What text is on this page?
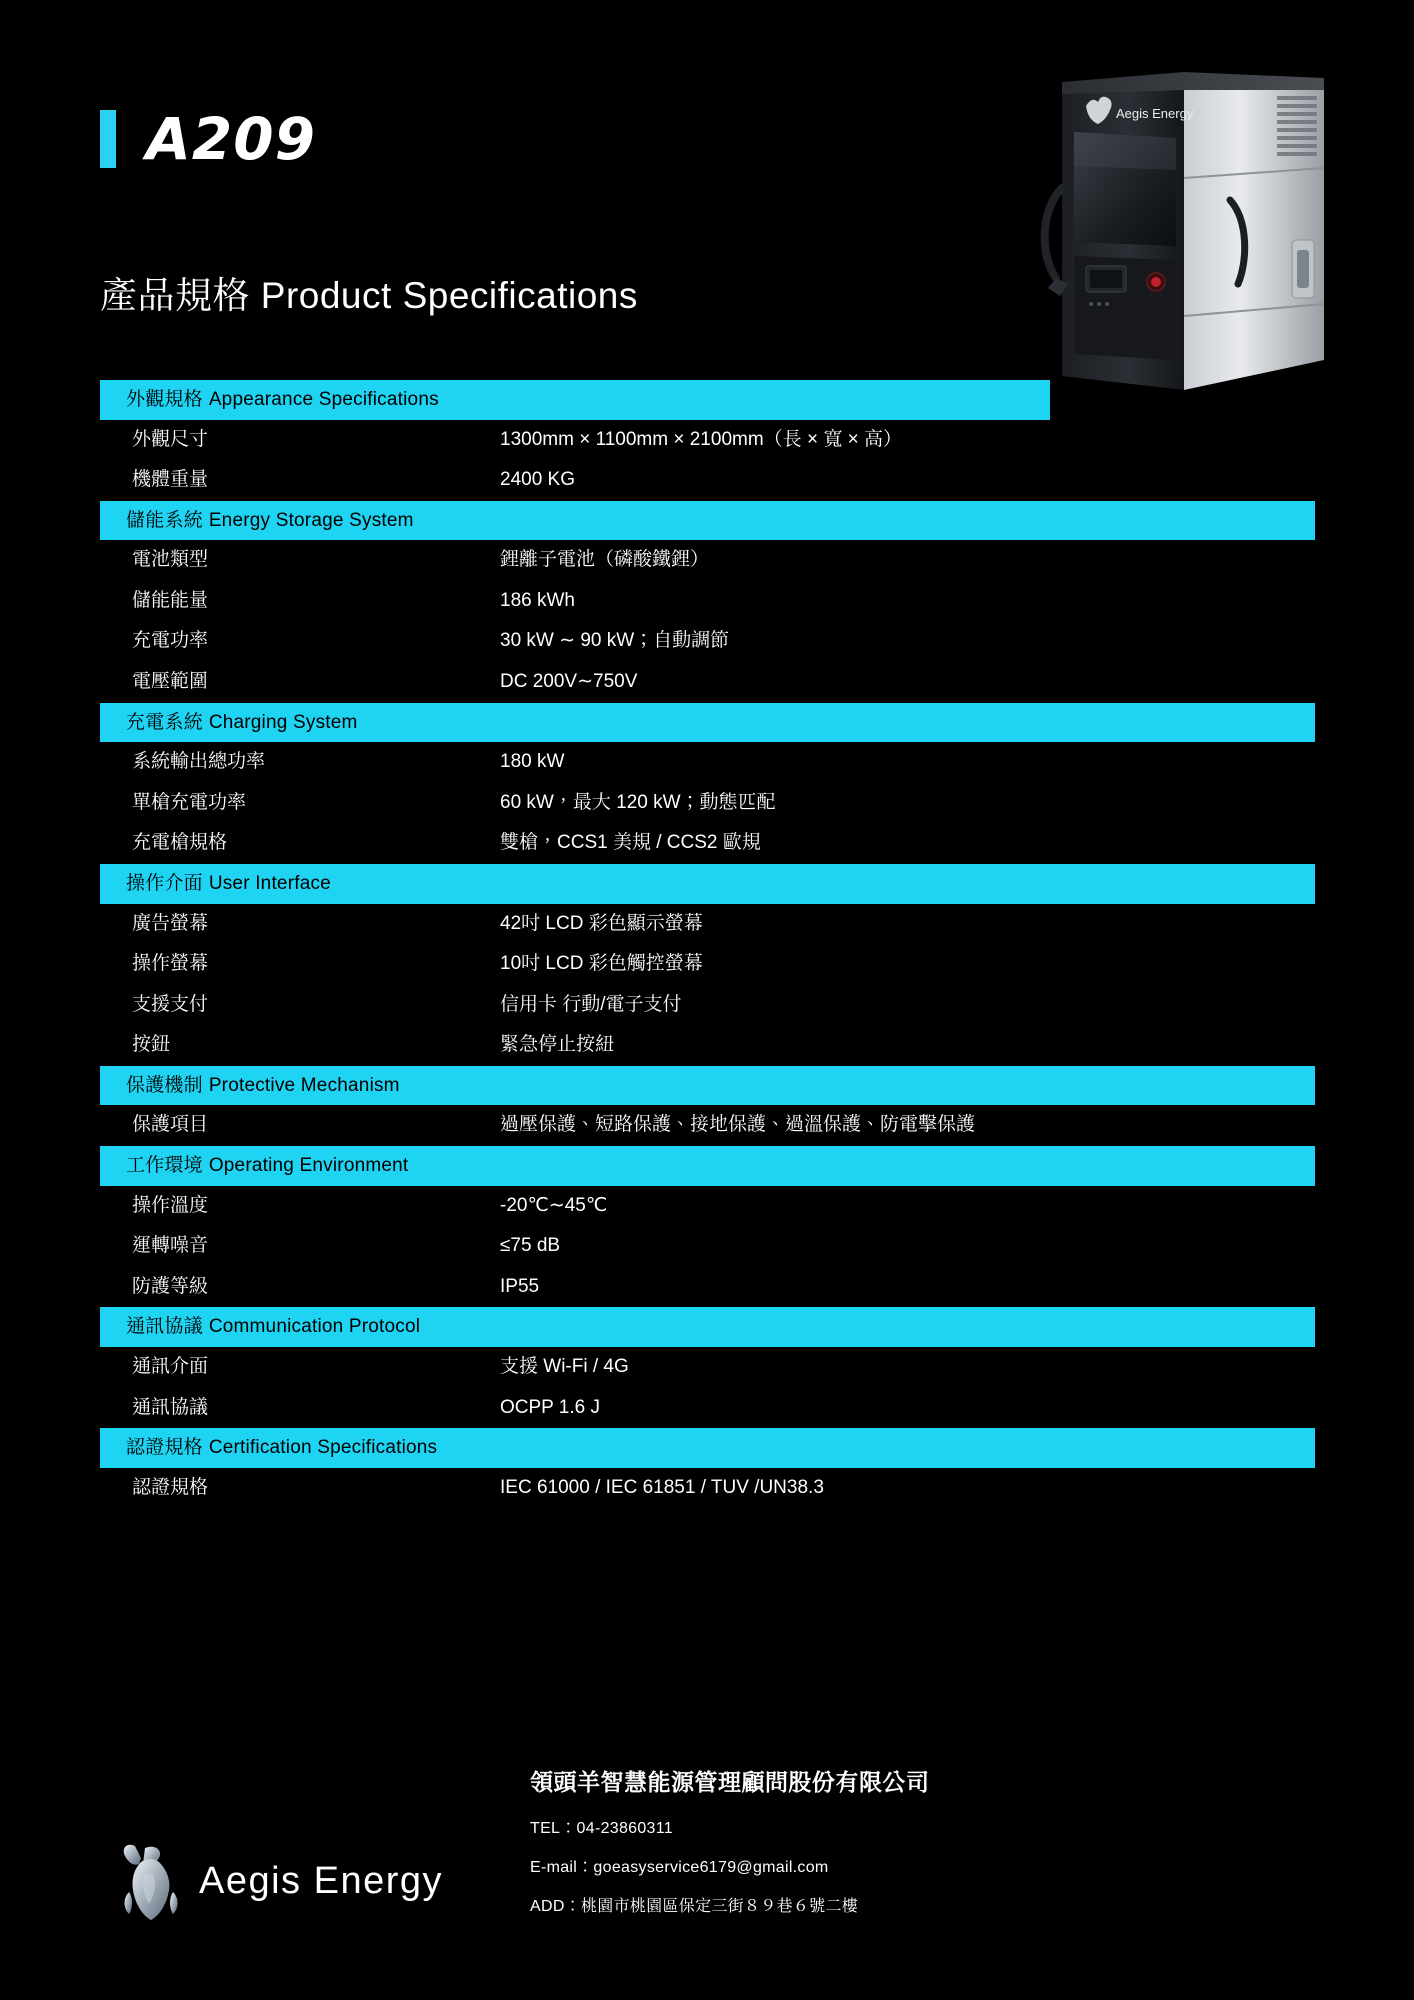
A209
產品規格 Product Specifications
Aegis Energy
外觀規格 Appearance Specifications
外觀尺寸	1300mm × 1100mm × 2100mm（長 × 寬 × 高）
機體重量	2400 KG
儲能系統 Energy Storage System
電池類型	鋰離子電池（磷酸鐵鋰）
儲能能量	186 kWh
充電功率	30 kW ∼ 90 kW；自動調節
電壓範圍	DC 200V∼750V
充電系統 Charging System
系統輸出總功率	180 kW
單槍充電功率	60 kW，最大 120 kW；動態匹配
充電槍規格	雙槍，CCS1 美規 / CCS2 歐規
操作介面 User Interface
廣告螢幕	42吋 LCD 彩色顯示螢幕
操作螢幕	10吋 LCD 彩色觸控螢幕
支援支付	信用卡 行動/電子支付
按鈕	緊急停止按紐
保護機制 Protective Mechanism
保護項目	過壓保護、短路保護、接地保護、過溫保護、防電擊保護
工作環境 Operating Environment
操作溫度	-20℃∼45℃
運轉噪音	≤75 dB
防護等級	IP55
通訊協議 Communication Protocol
通訊介面	支援 Wi-Fi / 4G
通訊協議	OCPP 1.6 J
認證規格 Certification Specifications
認證規格	IEC 61000 / IEC 61851 / TUV /UN38.3
Aegis Energy
領頭羊智慧能源管理顧問股份有限公司
TEL：04-23860311
E-mail：goeasyservice6179@gmail.com
ADD：桃園市桃園區保定三街８９巷６號二樓
